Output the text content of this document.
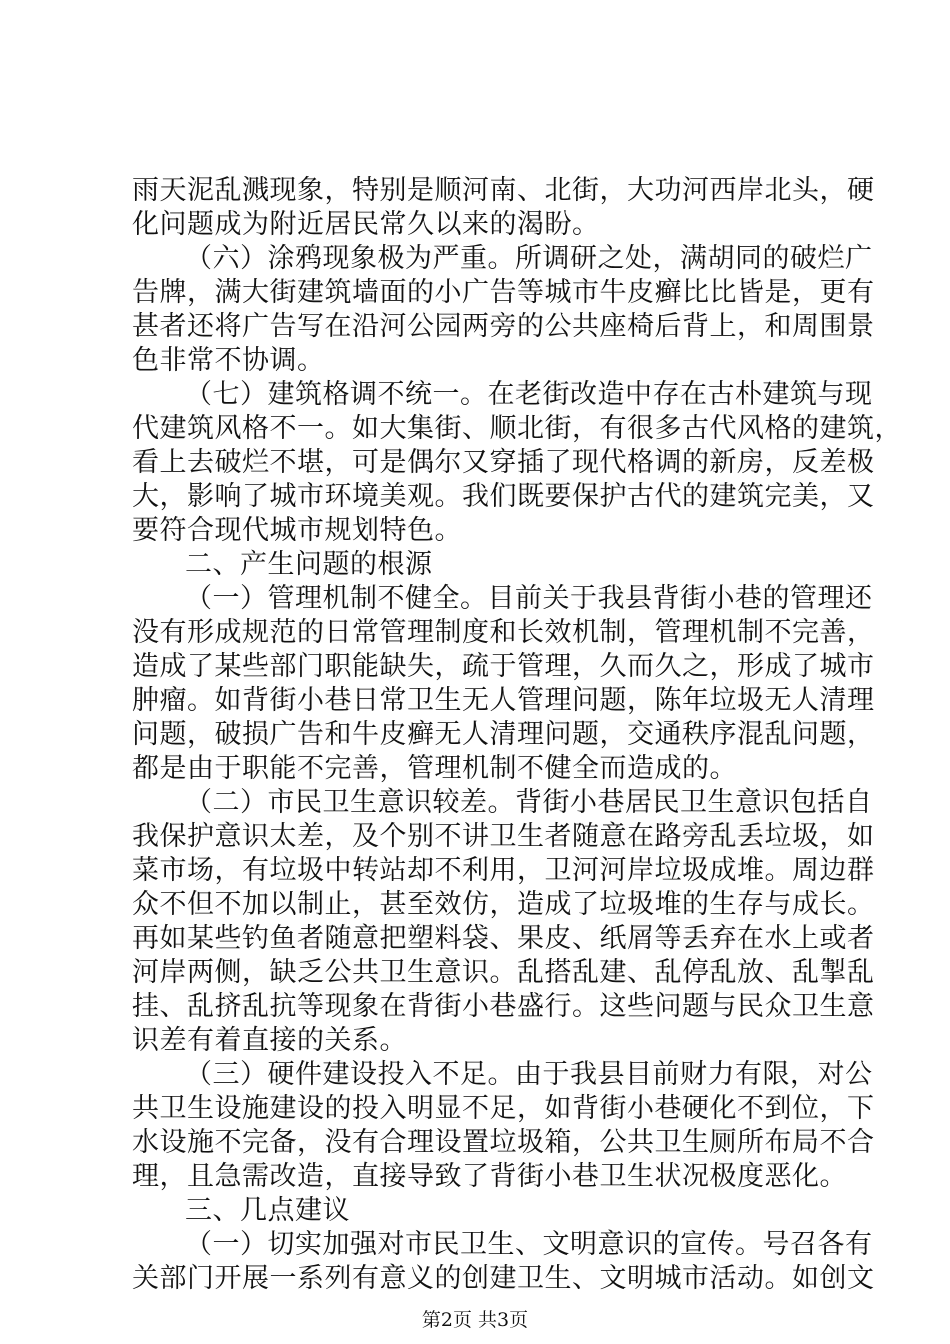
雨天泥乱溅现象，特别是顺河南、北街，大功河西岸北头，硬
化问题成为附近居民常久以来的渴盼。
（六）涂鸦现象极为严重。所调研之处，满胡同的破烂广
告牌，满大街建筑墙面的小广告等城市牛皮癣比比皆是，更有
甚者还将广告写在沿河公园两旁的公共座椅后背上，和周围景
色非常不协调。
（七）建筑格调不统一。在老街改造中存在古朴建筑与现
代建筑风格不一。如大集街、顺北街，有很多古代风格的建筑，
看上去破烂不堪，可是偶尔又穿插了现代格调的新房，反差极
大，影响了城市环境美观。我们既要保护古代的建筑完美，又
要符合现代城市规划特色。
二、产生问题的根源
（一）管理机制不健全。目前关于我县背街小巷的管理还
没有形成规范的日常管理制度和长效机制，管理机制不完善，
造成了某些部门职能缺失，疏于管理，久而久之，形成了城市
肿瘤。如背街小巷日常卫生无人管理问题，陈年垃圾无人清理
问题，破损广告和牛皮癣无人清理问题，交通秩序混乱问题，
都是由于职能不完善，管理机制不健全而造成的。
（二）市民卫生意识较差。背街小巷居民卫生意识包括自
我保护意识太差，及个别不讲卫生者随意在路旁乱丢垃圾，如
菜市场，有垃圾中转站却不利用，卫河河岸垃圾成堆。周边群
众不但不加以制止，甚至效仿，造成了垃圾堆的生存与成长。
再如某些钓鱼者随意把塑料袋、果皮、纸屑等丢弃在水上或者
河岸两侧，缺乏公共卫生意识。乱搭乱建、乱停乱放、乱掣乱
挂、乱挤乱抗等现象在背街小巷盛行。这些问题与民众卫生意
识差有着直接的关系。
（三）硬件建设投入不足。由于我县目前财力有限，对公
共卫生设施建设的投入明显不足，如背街小巷硬化不到位，下
水设施不完备，没有合理设置垃圾箱，公共卫生厕所布局不合
理，且急需改造，直接导致了背街小巷卫生状况极度恶化。
三、几点建议
（一）切实加强对市民卫生、文明意识的宣传。号召各有
关部门开展一系列有意义的创建卫生、文明城市活动。如创文
第2页 共3页
